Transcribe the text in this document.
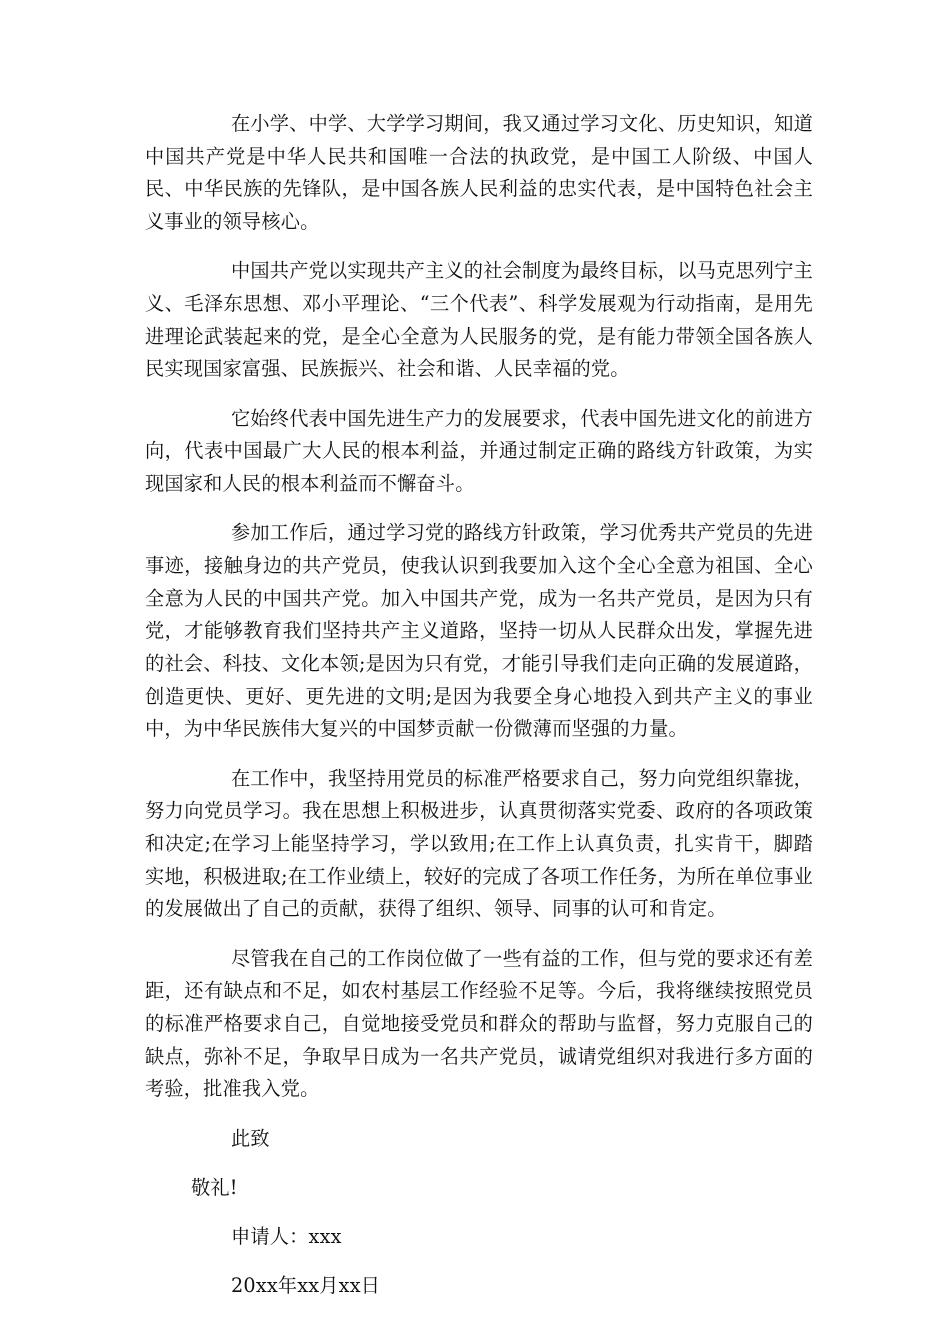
在小学、中学、大学学习期间，我又通过学习文化、历史知识，知道中国共产党是中华人民共和国唯一合法的执政党，是中国工人阶级、中国人民、中华民族的先锋队，是中国各族人民利益的忠实代表，是中国特色社会主义事业的领导核心。

中国共产党以实现共产主义的社会制度为最终目标，以马克思列宁主义、毛泽东思想、邓小平理论、“三个代表”、科学发展观为行动指南，是用先进理论武装起来的党，是全心全意为人民服务的党，是有能力带领全国各族人民实现国家富强、民族振兴、社会和谐、人民幸福的党。

它始终代表中国先进生产力的发展要求，代表中国先进文化的前进方向，代表中国最广大人民的根本利益，并通过制定正确的路线方针政策，为实现国家和人民的根本利益而不懈奋斗。

参加工作后，通过学习党的路线方针政策，学习优秀共产党员的先进事迹，接触身边的共产党员，使我认识到我要加入这个全心全意为祖国、全心全意为人民的中国共产党。加入中国共产党，成为一名共产党员，是因为只有党，才能够教育我们坚持共产主义道路，坚持一切从人民群众出发，掌握先进的社会、科技、文化本领;是因为只有党，才能引导我们走向正确的发展道路，创造更快、更好、更先进的文明;是因为我要全身心地投入到共产主义的事业中，为中华民族伟大复兴的中国梦贡献一份微薄而坚强的力量。

在工作中，我坚持用党员的标准严格要求自己，努力向党组织靠拢，努力向党员学习。我在思想上积极进步，认真贯彻落实党委、政府的各项政策和决定;在学习上能坚持学习，学以致用;在工作上认真负责，扎实肯干，脚踏实地，积极进取;在工作业绩上，较好的完成了各项工作任务，为所在单位事业的发展做出了自己的贡献，获得了组织、领导、同事的认可和肯定。

尽管我在自己的工作岗位做了一些有益的工作，但与党的要求还有差距，还有缺点和不足，如农村基层工作经验不足等。今后，我将继续按照党员的标准严格要求自己，自觉地接受党员和群众的帮助与监督，努力克服自己的缺点，弥补不足，争取早日成为一名共产党员，诚请党组织对我进行多方面的考验，批准我入党。

此致

敬礼!

申请人：xxx

20xx年xx月xx日
